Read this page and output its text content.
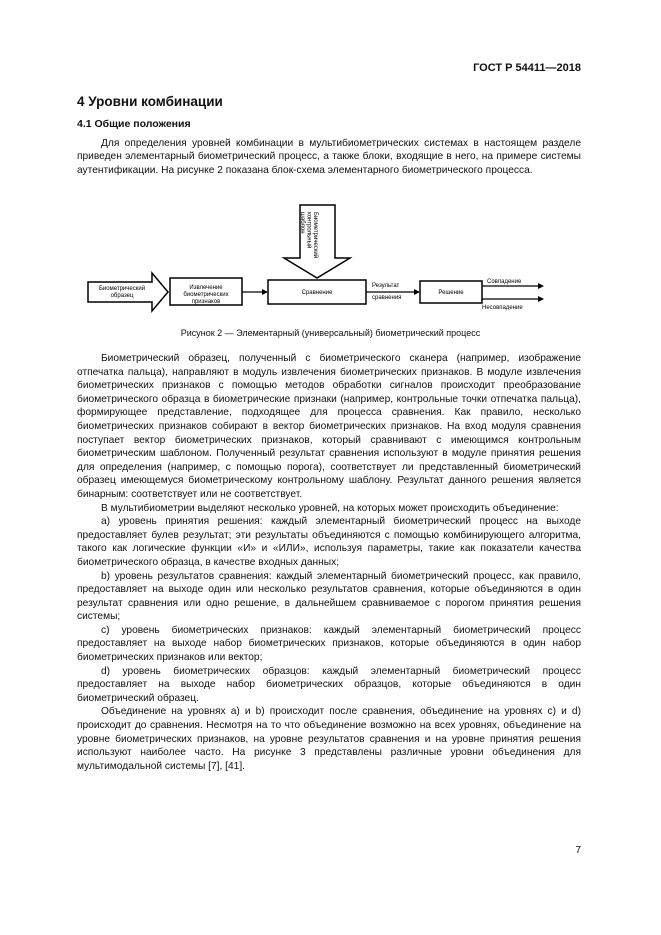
ГОСТ Р 54411—2018
4 Уровни комбинации
4.1 Общие положения
Для определения уровней комбинации в мультибиометрических системах в настоящем разделе приведен элементарный биометрический процесс, а также блоки, входящие в него, на примере системы аутентификации. На рисунке 2 показана блок-схема элементарного биометрического процесса.
Биометрический образец
Извлечение биометрических признаков
Биометрическийконтрольныйшаблон
Сравнение
Результат
сравнения
Решение
Совпадение
Несовпадение
Рисунок 2 — Элементарный (универсальный) биометрический процесс

Биометрический образец, полученный с биометрического сканера (например, изображение отпечатка пальца), направляют в модуль извлечения биометрических признаков. В модуле извлечения биометрических признаков с помощью методов обработки сигналов происходит преобразование биометрического образца в биометрические признаки (например, контрольные точки отпечатка пальца), формирующее представление, подходящее для процесса сравнения. Как правило, несколько биометрических признаков собирают в вектор биометрических признаков. На вход модуля сравнения поступает вектор биометрических признаков, который сравнивают с имеющимся контрольным биометрическим шаблоном. Полученный результат сравнения используют в модуле принятия решения для определения (например, с помощью порога), соответствует ли представленный биометрический образец имеющемуся биометрическому контрольному шаблону. Результат данного решения является бинарным: соответствует или не соответствует.

В мультибиометрии выделяют несколько уровней, на которых может происходить объединение:

а) уровень принятия решения: каждый элементарный биометрический процесс на выходе предоставляет булев результат; эти результаты объединяются с помощью комбинирующего алгоритма, такого как логические функции «И» и «ИЛИ», используя параметры, такие как показатели качества биометрического образца, в качестве входных данных;

b) уровень результатов сравнения: каждый элементарный биометрический процесс, как правило, предоставляет на выходе один или несколько результатов сравнения, которые объединяются в один результат сравнения или одно решение, в дальнейшем сравниваемое с порогом принятия решения системы;

c) уровень биометрических признаков: каждый элементарный биометрический процесс предоставляет на выходе набор биометрических признаков, которые объединяются в один набор биометрических признаков или вектор;

d) уровень биометрических образцов: каждый элементарный биометрический процесс предоставляет на выходе набор биометрических образцов, которые объединяются в один биометрический образец.

Объединение на уровнях а) и b) происходит после сравнения, объединение на уровнях c) и d) происходит до сравнения. Несмотря на то что объединение возможно на всех уровнях, объединение на уровне биометрических признаков, на уровне результатов сравнения и на уровне принятия решения используют наиболее часто. На рисунке 3 представлены различные уровни объединения для мультимодальной системы [7], [41].

7
